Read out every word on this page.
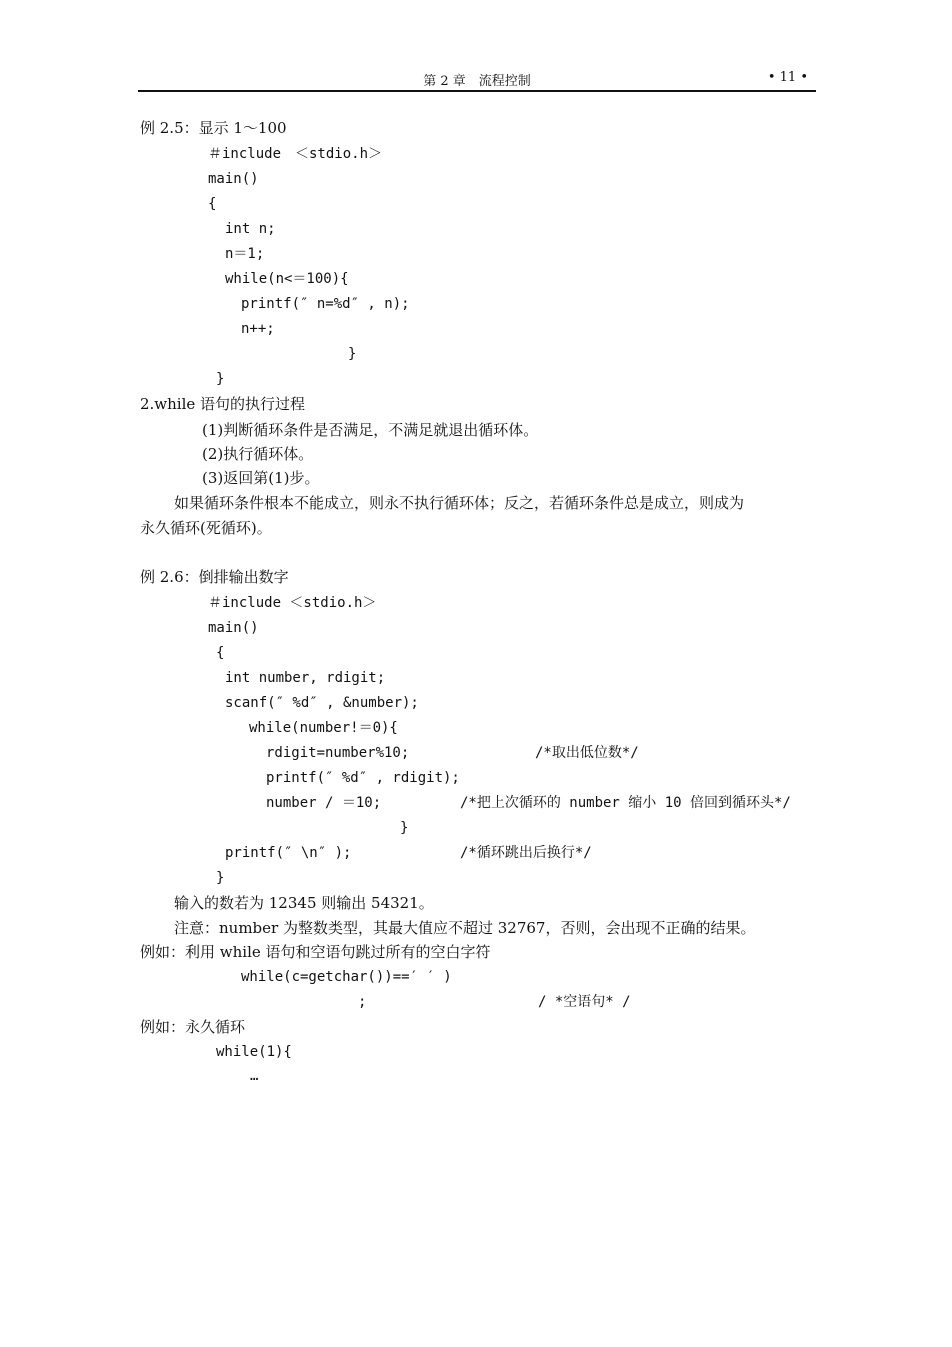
第 2 章　流程控制	• 11 •
例 2.5：显示 1～100
＃include　＜stdio.h＞
main()
{
int n;
n＝1;
while(n<＝100){
printf(″ n=%d″ , n);
n++;
}
}
2.while 语句的执行过程
(1)判断循环条件是否满足，不满足就退出循环体。
(2)执行循环体。
(3)返回第(1)步。
如果循环条件根本不能成立，则永不执行循环体；反之，若循环条件总是成立，则成为
永久循环(死循环)。
例 2.6：倒排输出数字
＃include ＜stdio.h＞
main()
{
int number, rdigit;
scanf(″ %d″ , &number);
while(number!＝0){
rdigit=number%10;	/*取出低位数*/
printf(″ %d″ , rdigit);
number / ＝10;	/*把上次循环的 number 缩小 10 倍回到循环头*/
}
printf(″ \n″ );	/*循环跳出后换行*/
}
输入的数若为 12345 则输出 54321。
注意：number 为整数类型，其最大值应不超过 32767，否则，会出现不正确的结果。
例如：利用 while 语句和空语句跳过所有的空白字符
while(c=getchar())==′ ′ )
;	/ *空语句* /
例如：永久循环
while(1){
…
